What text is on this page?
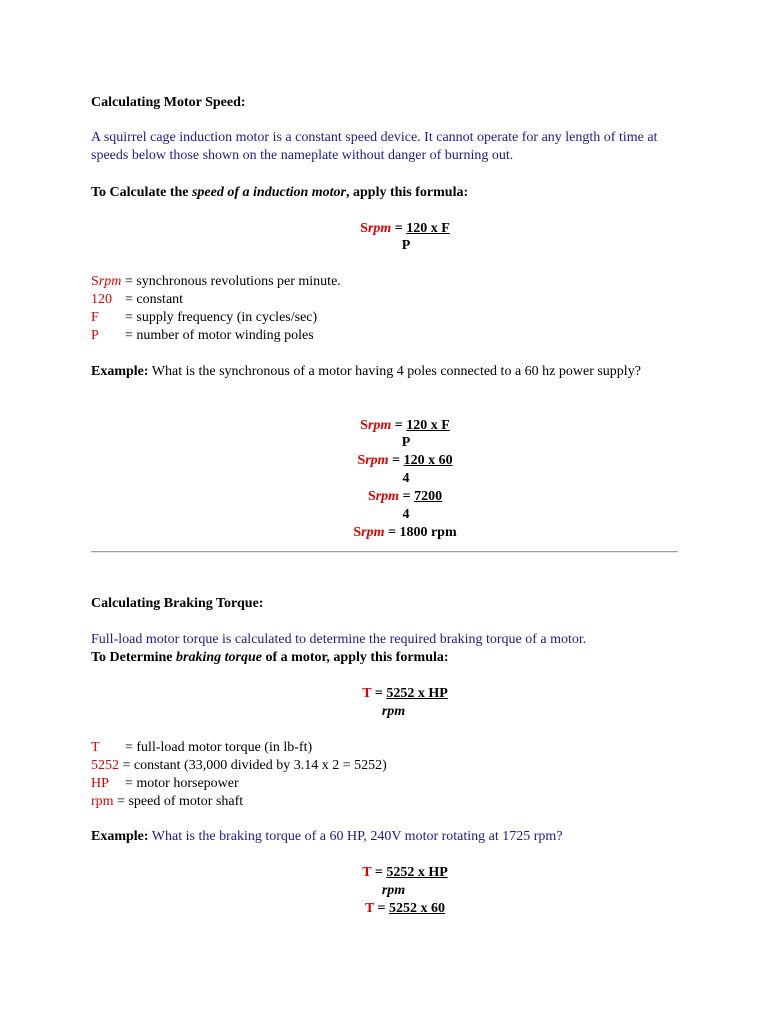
Calculating Motor Speed:
A squirrel cage induction motor is a constant speed device. It cannot operate for any length of time at speeds below those shown on the nameplate without danger of burning out.
To Calculate the speed of a induction motor, apply this formula:
Srpm = 120 x F
P
Srpm = synchronous revolutions per minute.
120 = constant
F = supply frequency (in cycles/sec)
P = number of motor winding poles
Example: What is the synchronous of a motor having 4 poles connected to a 60 hz power supply?
Srpm = 120 x F
P
Srpm = 120 x 60
4
Srpm = 7200
4
Srpm = 1800 rpm
Calculating Braking Torque:
Full-load motor torque is calculated to determine the required braking torque of a motor.
To Determine braking torque of a motor, apply this formula:
T = 5252 x HP
rpm
T = full-load motor torque (in lb-ft)
5252 = constant (33,000 divided by 3.14 x 2 = 5252)
HP = motor horsepower
rpm = speed of motor shaft
Example: What is the braking torque of a 60 HP, 240V motor rotating at 1725 rpm?
T = 5252 x HP
rpm
T = 5252 x 60
